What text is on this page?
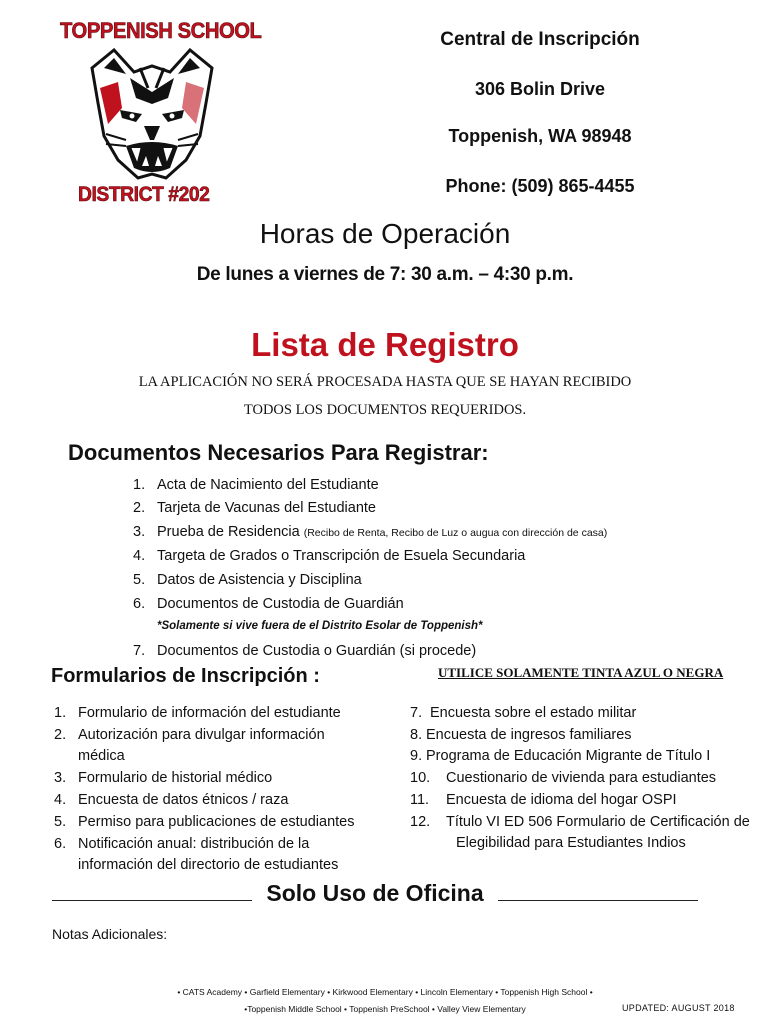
TOPPENISH SCHOOL
DISTRICT #202
Central de Inscripción
306 Bolin Drive
Toppenish, WA 98948
Phone: (509) 865-4455
Horas de Operación
De lunes a viernes de 7: 30 a.m. – 4:30 p.m.
Lista de Registro
LA APLICACIÓN NO SERÁ PROCESADA HASTA QUE SE HAYAN RECIBIDO
TODOS LOS DOCUMENTOS REQUERIDOS.
Documentos Necesarios Para Registrar:
1. Acta de Nacimiento del Estudiante
2. Tarjeta de Vacunas del Estudiante
3. Prueba de Residencia (Recibo de Renta, Recibo de Luz o augua con dirección de casa)
4. Targeta de Grados o Transcripción de Esuela Secundaria
5. Datos de Asistencia y Disciplina
6. Documentos de Custodia de Guardián
*Solamente si vive fuera de el Distrito Esolar de Toppenish*
7. Documentos de Custodia o Guardián (si procede)
Formularios de Inscripción :	UTILICE SOLAMENTE TINTA AZUL O NEGRA
1. Formulario de información del estudiante
2. Autorización para divulgar información médica
3. Formulario de historial médico
4. Encuesta de datos étnicos / raza
5. Permiso para publicaciones de estudiantes
6. Notificación anual: distribución de la información del directorio de estudiantes
7. Encuesta sobre el estado militar
8. Encuesta de ingresos familiares
9. Programa de Educación Migrante de Título I
10. Cuestionario de vivienda para estudiantes
11. Encuesta de idioma del hogar OSPI
12. Título VI ED 506 Formulario de Certificación de Elegibilidad para Estudiantes Indios
Solo Uso de Oficina
Notas Adicionales:
• CATS Academy • Garfield Elementary • Kirkwood Elementary • Lincoln Elementary • Toppenish High School •
•Toppenish Middle School • Toppenish PreSchool • Valley View Elementary	UPDATED: AUGUST 2018
